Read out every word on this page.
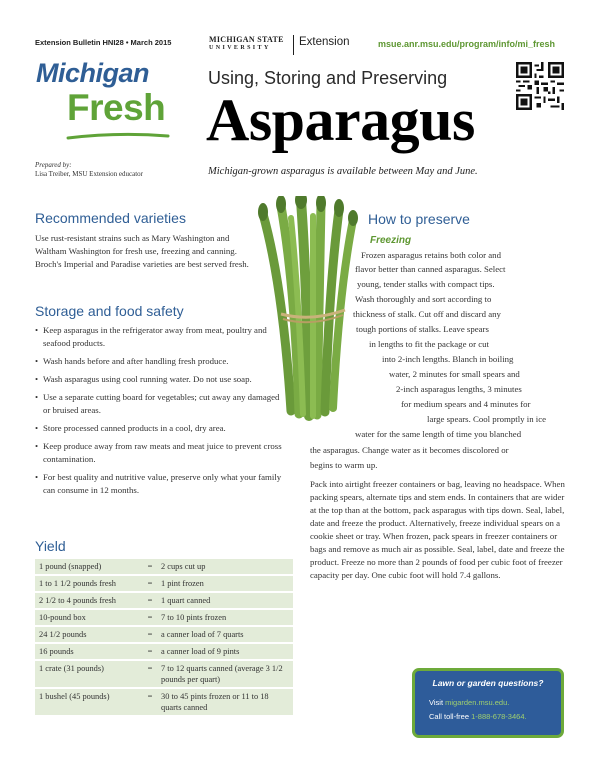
Extension Bulletin HNI28 • March 2015	MICHIGAN STATE
UNIVERSITY	Extension	msue.anr.msu.edu/program/info/mi_fresh
Michigan
Fresh
Using, Storing and Preserving
Asparagus
Prepared by:
Lisa Treiber, MSU Extension educator	Michigan-grown asparagus is available between May and June.
Recommended varieties
Use rust-resistant strains such as Mary Washington and Waltham Washington for fresh use, freezing and canning. Broch's Imperial and Paradise varieties are best served fresh.
Storage and food safety
• Keep asparagus in the refrigerator away from meat, poultry and seafood products.
• Wash hands before and after handling fresh produce.
• Wash asparagus using cool running water. Do not use soap.
• Use a separate cutting board for vegetables; cut away any damaged or bruised areas.
• Store processed canned products in a cool, dry area.
• Keep produce away from raw meats and meat juice to prevent cross contamination.
• For best quality and nutritive value, preserve only what your family can consume in 12 months.
Yield
1 pound (snapped)	=	2 cups cut up
1 to 1 1/2 pounds fresh	=	1 pint frozen
2 1/2 to 4 pounds fresh	=	1 quart canned
10-pound box	=	7 to 10 pints frozen
24 1/2 pounds	=	a canner load of 7 quarts
16 pounds	=	a canner load of 9 pints
1 crate (31 pounds)	=	7 to 12 quarts canned (average 3 1/2 pounds per quart)
1 bushel (45 pounds)	=	30 to 45 pints frozen or 11 to 18 quarts canned
How to preserve
Freezing
Frozen asparagus retains both color and
flavor better than canned asparagus. Select
young, tender stalks with compact tips.
Wash thoroughly and sort according to
thickness of stalk. Cut off and discard any
tough portions of stalks. Leave spears
in lengths to fit the package or cut
into 2-inch lengths. Blanch in boiling
water, 2 minutes for small spears and
2-inch asparagus lengths, 3 minutes
for medium spears and 4 minutes for
large spears. Cool promptly in ice
water for the same length of time you blanched
the asparagus. Change water as it becomes discolored or
begins to warm up.
Pack into airtight freezer containers or bag, leaving no headspace. When packing spears, alternate tips and stem ends. In containers that are wider at the top than at the bottom, pack asparagus with tips down. Seal, label, date and freeze the product. Alternatively, freeze individual spears on a cookie sheet or tray. When frozen, pack spears in freezer containers or bags and remove as much air as possible. Seal, label, date and freeze the product. Freeze no more than 2 pounds of food per cubic foot of freezer capacity per day. One cubic foot will hold 7.4 gallons.
Lawn or garden questions?
Visit migarden.msu.edu.
Call toll-free 1-888-678-3464.
